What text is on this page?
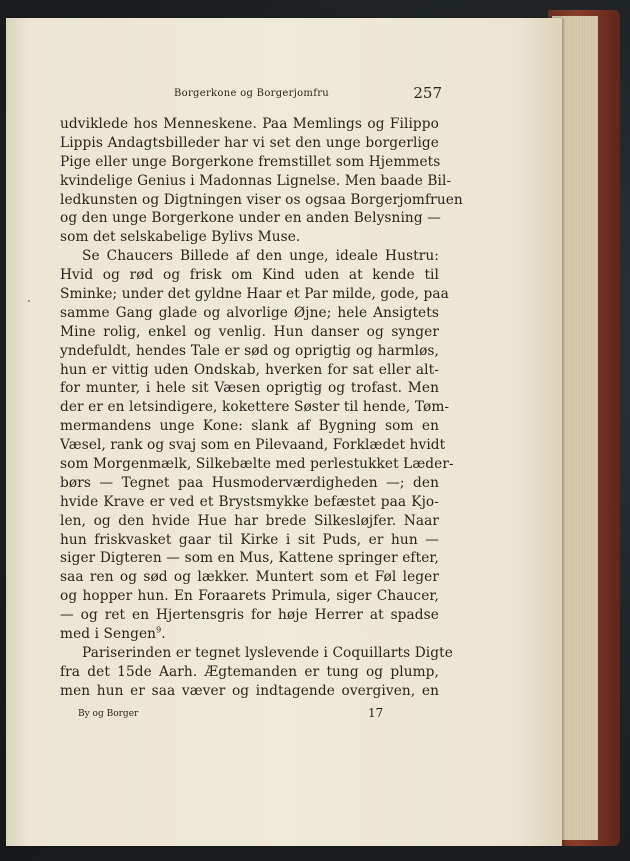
Borgerkone og Borgerjomfru	257
udviklede hos Menneskene. Paa Memlings og Filippo
Lippis Andagtsbilleder har vi set den unge borgerlige
Pige eller unge Borgerkone fremstillet som Hjemmets
kvindelige Genius i Madonnas Lignelse. Men baade Bil-
ledkunsten og Digtningen viser os ogsaa Borgerjomfruen
og den unge Borgerkone under en anden Belysning —
som det selskabelige Bylivs Muse.
Se Chaucers Billede af den unge, ideale Hustru:
Hvid og rød og frisk om Kind uden at kende til
Sminke; under det gyldne Haar et Par milde, gode, paa
samme Gang glade og alvorlige Øjne; hele Ansigtets
Mine rolig, enkel og venlig. Hun danser og synger
yndefuldt, hendes Tale er sød og oprigtig og harmløs,
hun er vittig uden Ondskab, hverken for sat eller alt-
for munter, i hele sit Væsen oprigtig og trofast. Men
der er en letsindigere, kokettere Søster til hende, Tøm-
mermandens unge Kone: slank af Bygning som en
Væsel, rank og svaj som en Pilevaand, Forklædet hvidt
som Morgenmælk, Silkebælte med perlestukket Læder-
børs — Tegnet paa Husmoderværdigheden —; den
hvide Krave er ved et Brystsmykke befæstet paa Kjo-
len, og den hvide Hue har brede Silkesløjfer. Naar
hun friskvasket gaar til Kirke i sit Puds, er hun —
siger Digteren — som en Mus, Kattene springer efter,
saa ren og sød og lækker. Muntert som et Føl leger
og hopper hun. En Foraarets Primula, siger Chaucer,
— og ret en Hjertensgris for høje Herrer at spadse
med i Sengen$^9$.
Pariserinden er tegnet lyslevende i Coquillarts Digte
fra det 15de Aarh. Ægtemanden er tung og plump,
men hun er saa væver og indtagende overgiven, en
By og Borger	17
